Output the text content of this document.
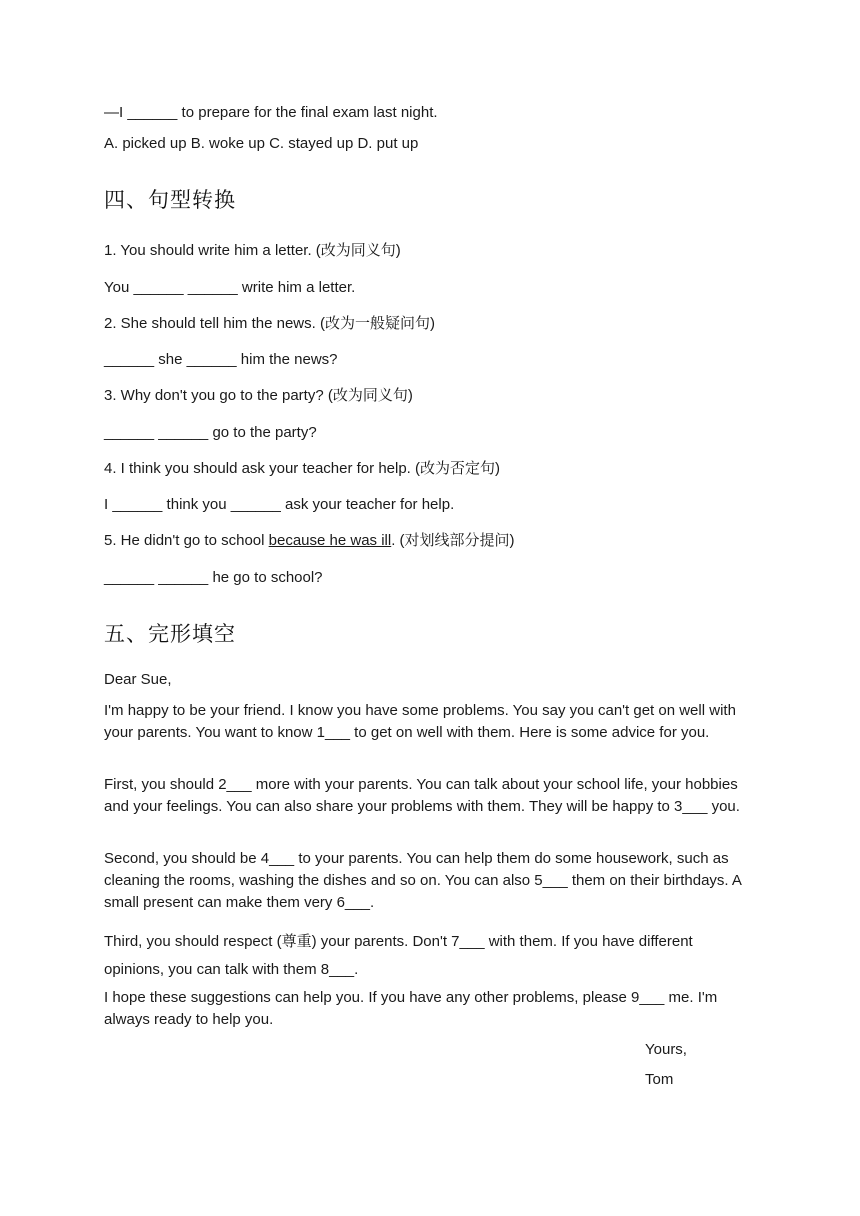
—I ______ to prepare for the final exam last night.
A. picked up B. woke up C. stayed up D. put up
四、句型转换
1. You should write him a letter. (改为同义句)
You ______ ______ write him a letter.
2. She should tell him the news. (改为一般疑问句)
______ she ______ him the news?
3. Why don't you go to the party? (改为同义句)
______ ______ go to the party?
4. I think you should ask your teacher for help. (改为否定句)
I ______ think you ______ ask your teacher for help.
5. He didn't go to school because he was ill. (对划线部分提问)
______ ______ he go to school?
五、完形填空
Dear Sue,
I'm happy to be your friend. I know you have some problems. You say you can't get on well with your parents. You want to know 1___ to get on well with them. Here is some advice for you.
First, you should 2___ more with your parents. You can talk about your school life, your hobbies and your feelings. You can also share your problems with them. They will be happy to 3___ you.
Second, you should be 4___ to your parents. You can help them do some housework, such as cleaning the rooms, washing the dishes and so on. You can also 5___ them on their birthdays. A small present can make them very 6___.
Third, you should respect (尊重) your parents. Don't 7___ with them. If you have different opinions, you can talk with them 8___.
I hope these suggestions can help you. If you have any other problems, please 9___ me. I'm always ready to help you.
Yours,
Tom
